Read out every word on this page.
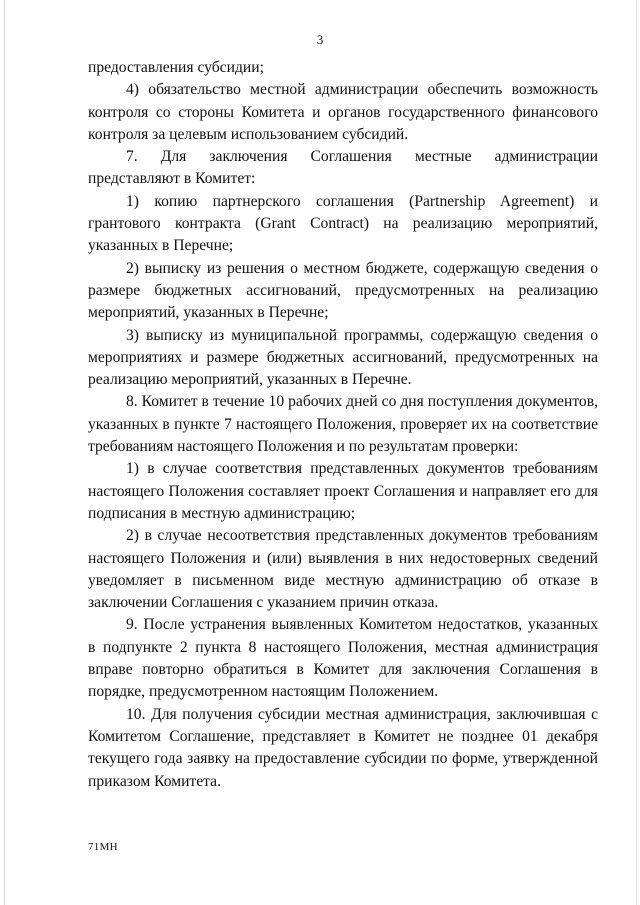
3

предоставления субсидии;

4) обязательство местной администрации обеспечить возможность контроля со стороны Комитета и органов государственного финансового контроля за целевым использованием субсидий.

7. Для заключения Соглашения местные администрации представляют в Комитет:

1) копию партнерского соглашения (Partnership Agreement) и грантового контракта (Grant Contract) на реализацию мероприятий, указанных в Перечне;

2) выписку из решения о местном бюджете, содержащую сведения о размере бюджетных ассигнований, предусмотренных на реализацию мероприятий, указанных в Перечне;

3) выписку из муниципальной программы, содержащую сведения о мероприятиях и размере бюджетных ассигнований, предусмотренных на реализацию мероприятий, указанных в Перечне.

8. Комитет в течение 10 рабочих дней со дня поступления документов, указанных в пункте 7 настоящего Положения, проверяет их на соответствие требованиям настоящего Положения и по результатам проверки:

1) в случае соответствия представленных документов требованиям настоящего Положения составляет проект Соглашения и направляет его для подписания в местную администрацию;

2) в случае несоответствия представленных документов требованиям настоящего Положения и (или) выявления в них недостоверных сведений уведомляет в письменном виде местную администрацию об отказе в заключении Соглашения с указанием причин отказа.

9. После устранения выявленных Комитетом недостатков, указанных в подпункте 2 пункта 8 настоящего Положения, местная администрация вправе повторно обратиться в Комитет для заключения Соглашения в порядке, предусмотренном настоящим Положением.

10. Для получения субсидии местная администрация, заключившая с Комитетом Соглашение, представляет в Комитет не позднее 01 декабря текущего года заявку на предоставление субсидии по форме, утвержденной приказом Комитета.

71МН
